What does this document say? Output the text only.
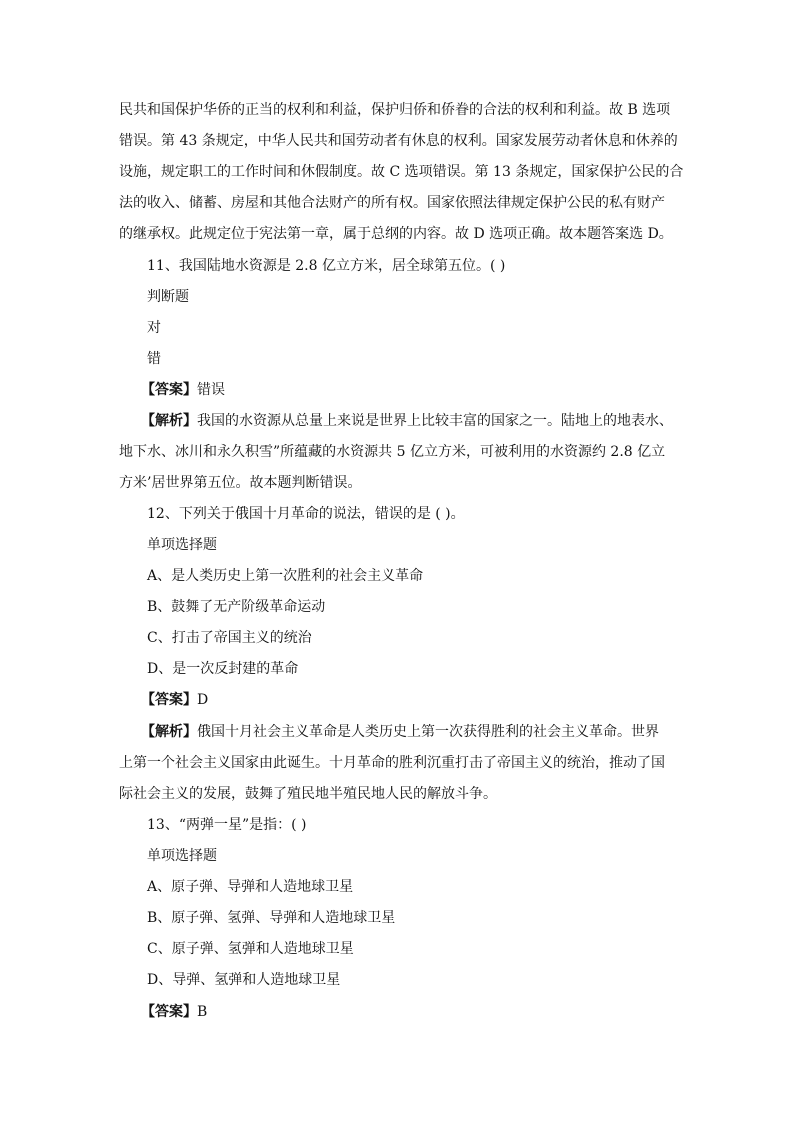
民共和国保护华侨的正当的权利和利益，保护归侨和侨眷的合法的权利和利益。故 B 选项
错误。第 43 条规定，中华人民共和国劳动者有休息的权利。国家发展劳动者休息和休养的
设施，规定职工的工作时间和休假制度。故 C 选项错误。第 13 条规定，国家保护公民的合
法的收入、储蓄、房屋和其他合法财产的所有权。国家依照法律规定保护公民的私有财产
的继承权。此规定位于宪法第一章，属于总纲的内容。故 D 选项正确。故本题答案选 D。
11、我国陆地水资源是 2.8 亿立方米，居全球第五位。( )
判断题
对
错
【答案】错误
【解析】我国的水资源从总量上来说是世界上比较丰富的国家之一。陆地上的地表水、
地下水、冰川和永久积雪”所蕴藏的水资源共 5 亿立方米，可被利用的水资源约 2.8 亿立
方米’居世界第五位。故本题判断错误。
12、下列关于俄国十月革命的说法，错误的是 ( )。
单项选择题
A、是人类历史上第一次胜利的社会主义革命
B、鼓舞了无产阶级革命运动
C、打击了帝国主义的统治
D、是一次反封建的革命
【答案】D
【解析】俄国十月社会主义革命是人类历史上第一次获得胜利的社会主义革命。世界
上第一个社会主义国家由此诞生。十月革命的胜利沉重打击了帝国主义的统治，推动了国
际社会主义的发展，鼓舞了殖民地半殖民地人民的解放斗争。
13、“两弹一星”是指：( )
单项选择题
A、原子弹、导弹和人造地球卫星
B、原子弹、氢弹、导弹和人造地球卫星
C、原子弹、氢弹和人造地球卫星
D、导弹、氢弹和人造地球卫星
【答案】B
